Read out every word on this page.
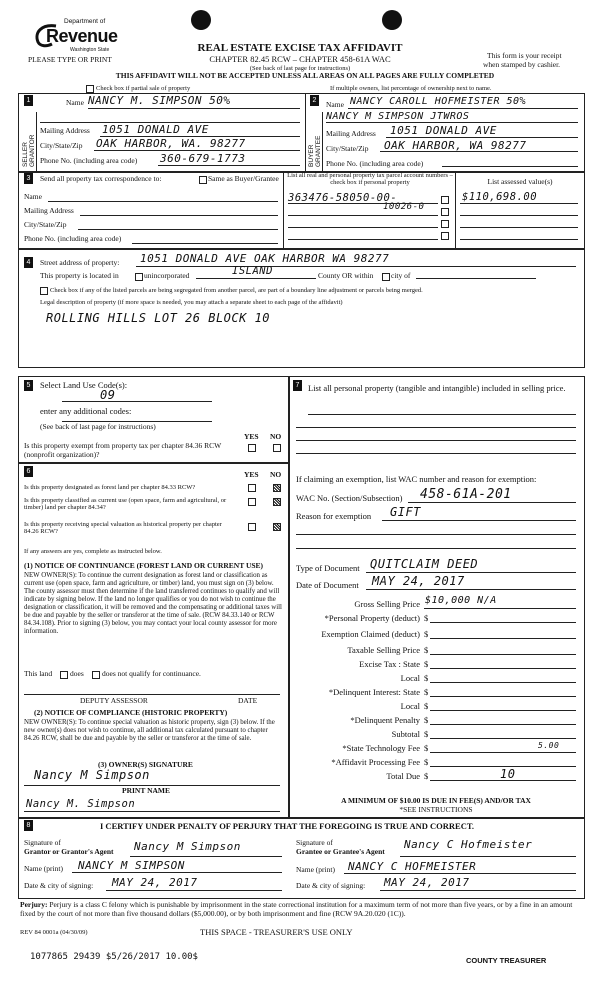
Department of
Revenue
Washington State
PLEASE TYPE OR PRINT
REAL ESTATE EXCISE TAX AFFIDAVIT
CHAPTER 82.45 RCW – CHAPTER 458-61A WAC
(See back of last page for instructions)
THIS AFFIDAVIT WILL NOT BE ACCEPTED UNLESS ALL AREAS ON ALL PAGES ARE FULLY COMPLETED
This form is your receipt
when stamped by cashier.
Check box if partial sale of property	If multiple owners, list percentage of ownership next to name.
1	2
SELLER GRANTOR	BUYER GRANTEE
Name NANCY M. SIMPSON 50%
Mailing Address 1051 DONALD AVE
City/State/Zip OAK HARBOR, WA. 98277
Phone No. (including area code) 360-679-1773
Name NANCY CAROLL HOFMEISTER 50%
NANCY M SIMPSON JTWROS
Mailing Address 1051 DONALD AVE
City/State/Zip OAK HARBOR, WA 98277
Phone No. (including area code)
3	Send all property tax correspondence to:	Same as Buyer/Grantee
Name
Mailing Address
City/State/Zip
Phone No. (including area code)
List all real and personal property tax parcel account numbers – check box if personal property	List assessed value(s)
363476-58050-00-
10026-0
$110,698.00
4	Street address of property: 1051 DONALD AVE OAK HARBOR WA 98277
This property is located in	unincorporated	ISLAND	County OR within city of
Check box if any of the listed parcels are being segregated from another parcel, are part of a boundary line adjustment or parcels being merged.
Legal description of property (if more space is needed, you may attach a separate sheet to each page of the affidavit)
ROLLING HILLS LOT 26 BLOCK 10
5 Select Land Use Code(s):
09
enter any additional codes:
(See back of last page for instructions)
YES NO
Is this property exempt from property tax per chapter 84.36 RCW (nonprofit organization)?
6	YES NO
Is this property designated as forest land per chapter 84.33 RCW?
Is this property classified as current use (open space, farm and agricultural, or timber) land per chapter 84.34?
Is this property receiving special valuation as historical property per chapter 84.26 RCW?
If any answers are yes, complete as instructed below.
(1) NOTICE OF CONTINUANCE (FOREST LAND OR CURRENT USE)
NEW OWNER(S): To continue the current designation as forest land or classification as current use (open space, farm and agriculture, or timber) land, you must sign on (3) below. The county assessor must then determine if the land transferred continues to qualify and will indicate by signing below. If the land no longer qualifies or you do not wish to continue the designation or classification, it will be removed and the compensating or additional taxes will be due and payable by the seller or transferor at the time of sale. (RCW 84.33.140 or RCW 84.34.108). Prior to signing (3) below, you may contact your local county assessor for more information.
This land does does not qualify for continuance.
DEPUTY ASSESSOR	DATE
(2) NOTICE OF COMPLIANCE (HISTORIC PROPERTY)
NEW OWNER(S): To continue special valuation as historic property, sign (3) below. If the new owner(s) does not wish to continue, all additional tax calculated pursuant to chapter 84.26 RCW, shall be due and payable by the seller or transferor at the time of sale.
(3) OWNER(S) SIGNATURE
Nancy M Simpson
PRINT NAME
Nancy M. Simpson
7 List all personal property (tangible and intangible) included in selling price.
If claiming an exemption, list WAC number and reason for exemption:
WAC No. (Section/Subsection) 458-61A-201
Reason for exemption GIFT
Type of Document QUITCLAIM DEED
Date of Document MAY 24, 2017
Gross Selling Price $10,000 N/A
*Personal Property (deduct) $
Exemption Claimed (deduct) $
Taxable Selling Price $
Excise Tax : State $
Local $
*Delinquent Interest: State $
Local $
*Delinquent Penalty $
Subtotal $
*State Technology Fee $	5.00
*Affidavit Processing Fee $
Total Due $	10
A MINIMUM OF $10.00 IS DUE IN FEE(S) AND/OR TAX
*SEE INSTRUCTIONS
8	I CERTIFY UNDER PENALTY OF PERJURY THAT THE FOREGOING IS TRUE AND CORRECT.
Signature of
Grantor or Grantor's Agent Nancy M Simpson
Name (print) NANCY M SIMPSON
Date & city of signing: MAY 24, 2017
Signature of
Grantee or Grantee's Agent
Nancy C Hofmeister
Name (print) NANCY C HOFMEISTER
Date & city of signing: MAY 24, 2017
Perjury: Perjury is a class C felony which is punishable by imprisonment in the state correctional institution for a maximum term of not more than five years, or by a fine in an amount fixed by the court of not more than five thousand dollars ($5,000.00), or by both imprisonment and fine (RCW 9A.20.020 (1C)).
REV 84 0001a (04/30/09)	THIS SPACE - TREASURER'S USE ONLY
1077865 29439 $5/26/2017 10.00$	COUNTY TREASURER
